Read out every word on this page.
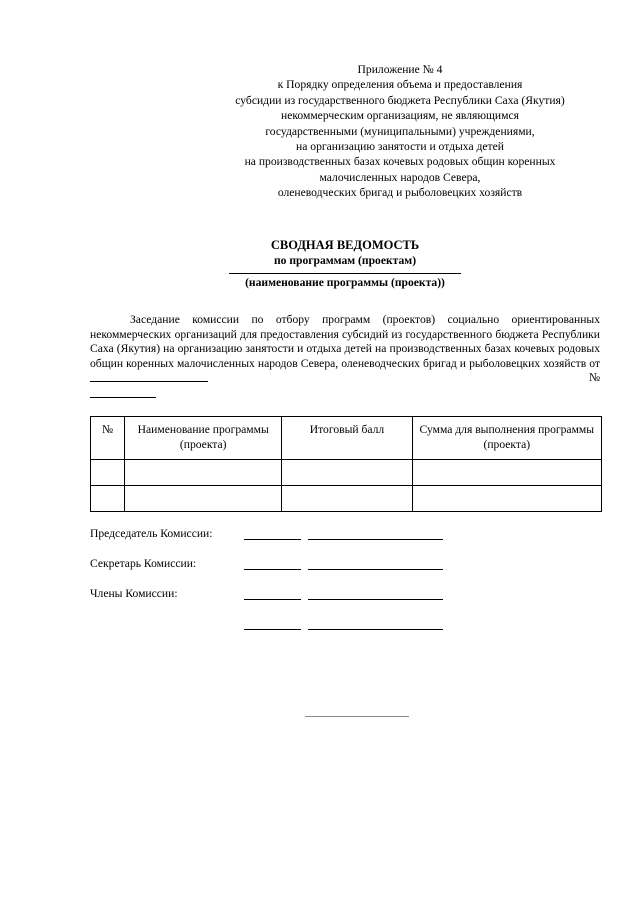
Приложение № 4
к Порядку определения объема и предоставления
субсидии из государственного бюджета Республики Саха (Якутия)
некоммерческим организациям, не являющимся
государственными (муниципальными) учреждениями,
на организацию занятости и отдыха детей
на производственных базах кочевых родовых общин коренных
малочисленных народов Севера,
оленеводческих бригад и рыболовецких хозяйств
СВОДНАЯ ВЕДОМОСТЬ
по программам (проектам)
(наименование программы (проекта))
Заседание комиссии по отбору программ (проектов) социально ориентированных некоммерческих организаций для предоставления субсидий из государственного бюджета Республики Саха (Якутия) на организацию занятости и отдыха детей на производственных базах кочевых родовых общин коренных малочисленных народов Севера, оленеводческих бригад и рыболовецких хозяйств от
№

№	Наименование программы (проекта)	Итоговый балл	Сумма для выполнения программы (проекта)

Председатель Комиссии:
Секретарь Комиссии:
Члены Комиссии:
